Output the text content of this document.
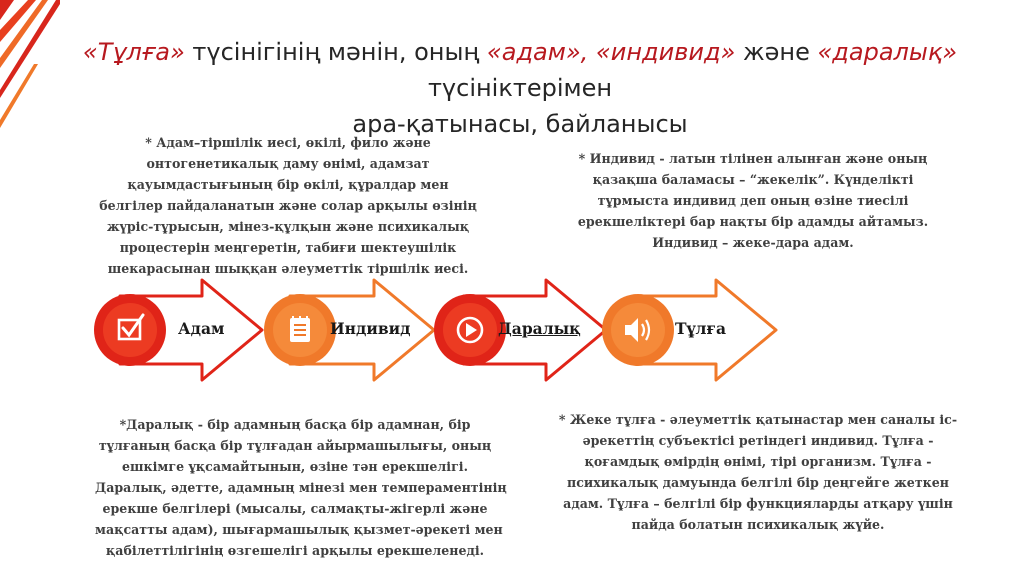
«Тұлға» түсінігінің мәнін, оның «адам», «индивид» және «даралық» түсініктерімен
ара-қатынасы, байланысы
* Адам–тіршілік иесі, өкілі, фило және
онтогенетикалық даму өнімі, адамзат
қауымдастығының бір өкілі, құралдар мен
белгілер пайдаланатын және солар арқылы өзінің
жүріс-тұрысын, мінез-құлқын және психикалық
процестерін меңгеретін, табиғи шектеушілік
шекарасынан шыққан әлеуметтік тіршілік иесі.
* Индивид - латын тілінен алынған және оның
қазақша баламасы – “жекелік”. Күнделікті
тұрмыста индивид деп оның өзіне тиесілі
ерекшеліктері бар нақты бір адамды айтамыз.
Индивид – жеке-дара адам.
*Даралық - бір адамның басқа бір адамнан, бір
тұлғаның басқа бір тұлғадан айырмашылығы, оның
ешкімге ұқсамайтынын, өзіне тән ерекшелігі.
Даралық, әдетте, адамның мінезі мен темпераментінің
ерекше белгілері (мысалы, салмақты-жігерлі және
мақсатты адам), шығармашылық қызмет-әрекеті мен
қабілеттілігінің өзгешелігі арқылы ерекшеленеді.
* Жеке тұлға - әлеуметтік қатынастар мен саналы іс-
әрекеттің субъектісі ретіндегі индивид. Тұлға -
қоғамдық өмірдің өнімі, тірі организм. Тұлға -
психикалық дамуында белгілі бір деңгейге жеткен
адам. Тұлға – белгілі бір функцияларды атқару үшін
пайда болатын психикалық жүйе.
Адам	Индивид	Даралық	Тұлға
